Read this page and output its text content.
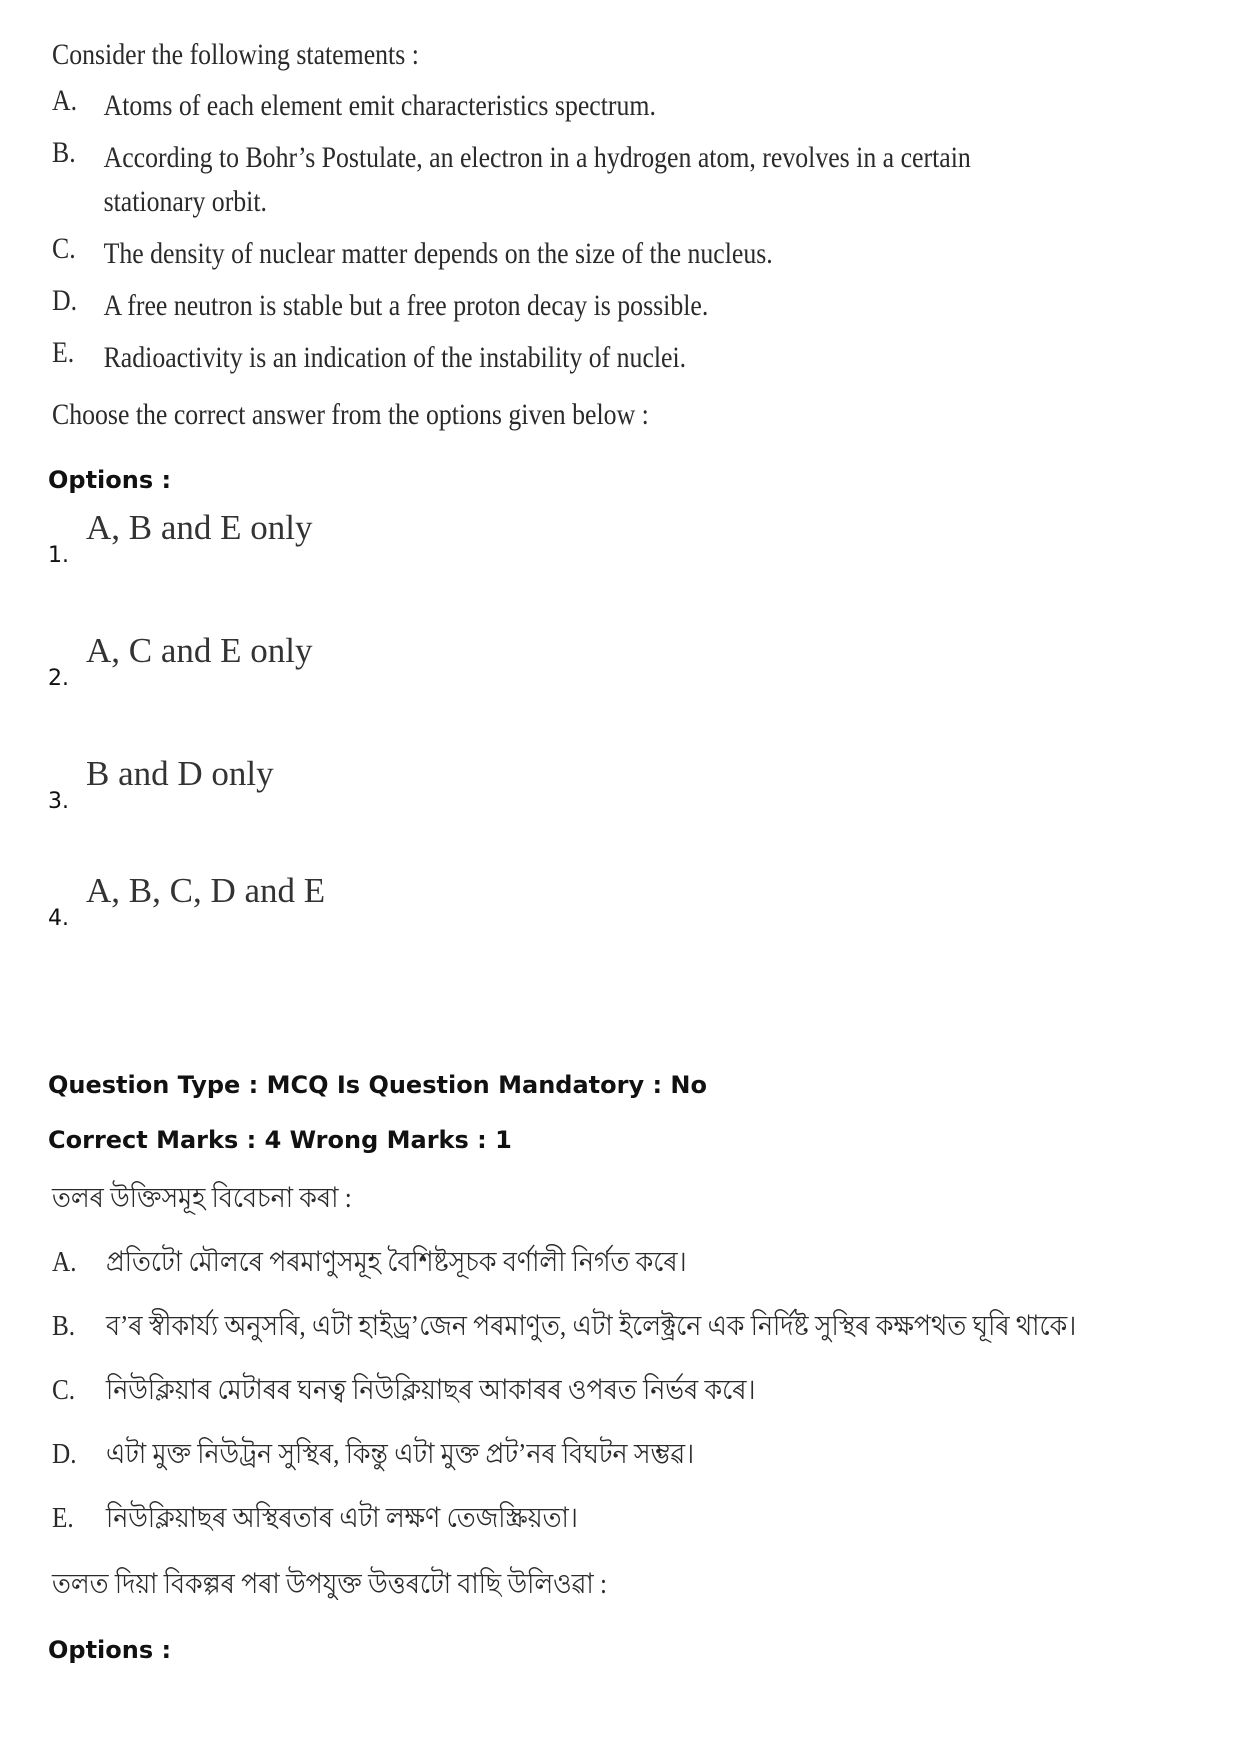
Consider the following statements :
A. Atoms of each element emit characteristics spectrum.
B. According to Bohr’s Postulate, an electron in a hydrogen atom, revolves in a certain
stationary orbit.
C. The density of nuclear matter depends on the size of the nucleus.
D. A free neutron is stable but a free proton decay is possible.
E. Radioactivity is an indication of the instability of nuclei.
Choose the correct answer from the options given below :
Options :
1.
A, B and E only
2.
A, C and E only
3.
B and D only
4.
A, B, C, D and E
Question Type : MCQ Is Question Mandatory : No
Correct Marks : 4 Wrong Marks : 1
তলৰ উক্তিসমূহ বিবেচনা কৰা :
A. প্ৰতিটো মৌলৰে পৰমাণুসমূহ বৈশিষ্টসূচক বৰ্ণালী নিৰ্গত কৰে।
B. ব’ৰ স্বীকাৰ্য্য অনুসৰি, এটা হাইড্ৰ’জেন পৰমাণুত, এটা ইলেক্ট্ৰনে এক নিৰ্দিষ্ট সুস্থিৰ কক্ষপথত ঘূৰি থাকে।
C. নিউক্লিয়াৰ মেটাৰৰ ঘনত্ব নিউক্লিয়াছৰ আকাৰৰ ওপৰত নিৰ্ভৰ কৰে।
D. এটা মুক্ত নিউট্ৰন সুস্থিৰ, কিন্তু এটা মুক্ত প্ৰট’নৰ বিঘটন সম্ভৱ।
E. নিউক্লিয়াছৰ অস্থিৰতাৰ এটা লক্ষণ তেজস্ক্ৰিয়তা।
তলত দিয়া বিকল্পৰ পৰা উপযুক্ত উত্তৰটো বাছি উলিওৱা :
Options :
